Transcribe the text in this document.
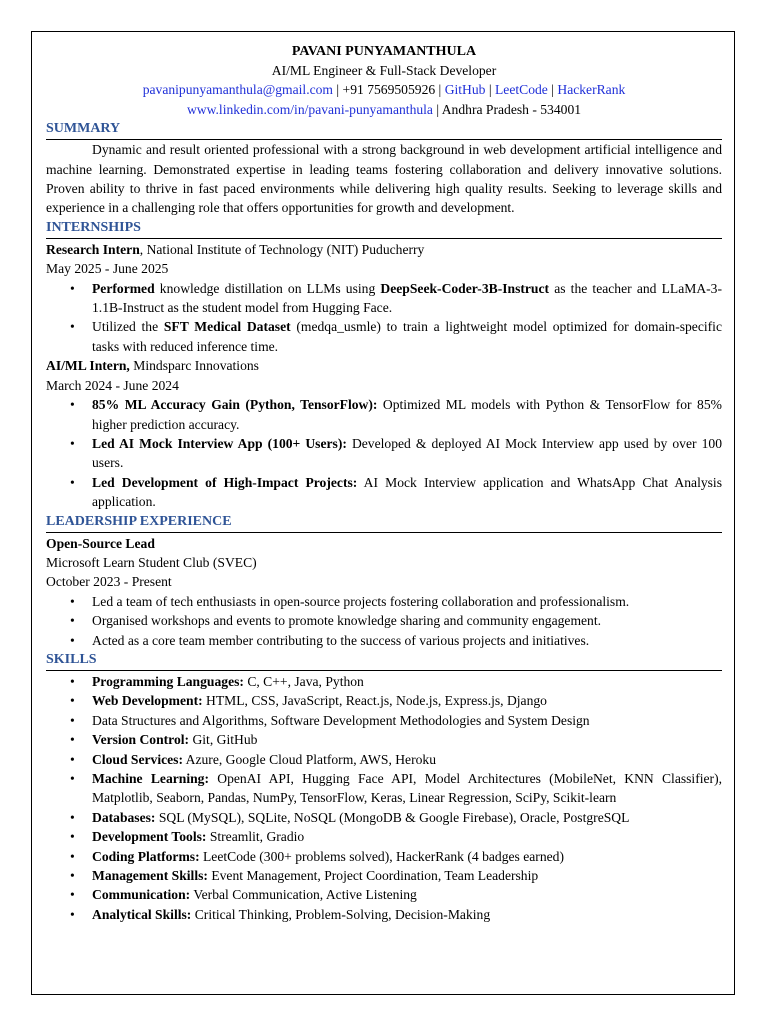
PAVANI PUNYAMANTHULA
AI/ML Engineer & Full-Stack Developer
pavanipunyamanthula@gmail.com | +91 7569505926 | GitHub | LeetCode | HackerRank
www.linkedin.com/in/pavani-punyamanthula | Andhra Pradesh - 534001
SUMMARY
Dynamic and result oriented professional with a strong background in web development artificial intelligence and machine learning. Demonstrated expertise in leading teams fostering collaboration and delivery innovative solutions. Proven ability to thrive in fast paced environments while delivering high quality results. Seeking to leverage skills and experience in a challenging role that offers opportunities for growth and development.
INTERNSHIPS
Research Intern, National Institute of Technology (NIT) Puducherry
May 2025 - June 2025
• Performed knowledge distillation on LLMs using DeepSeek-Coder-3B-Instruct as the teacher and LLaMA-3-1.1B-Instruct as the student model from Hugging Face.
• Utilized the SFT Medical Dataset (medqa_usmle) to train a lightweight model optimized for domain-specific tasks with reduced inference time.
AI/ML Intern, Mindsparc Innovations
March 2024 - June 2024
• 85% ML Accuracy Gain (Python, TensorFlow): Optimized ML models with Python & TensorFlow for 85% higher prediction accuracy.
• Led AI Mock Interview App (100+ Users): Developed & deployed AI Mock Interview app used by over 100 users.
• Led Development of High-Impact Projects: AI Mock Interview application and WhatsApp Chat Analysis application.
LEADERSHIP EXPERIENCE
Open-Source Lead
Microsoft Learn Student Club (SVEC)
October 2023 - Present
• Led a team of tech enthusiasts in open-source projects fostering collaboration and professionalism.
• Organised workshops and events to promote knowledge sharing and community engagement.
• Acted as a core team member contributing to the success of various projects and initiatives.
SKILLS
• Programming Languages: C, C++, Java, Python
• Web Development: HTML, CSS, JavaScript, React.js, Node.js, Express.js, Django
• Data Structures and Algorithms, Software Development Methodologies and System Design
• Version Control: Git, GitHub
• Cloud Services: Azure, Google Cloud Platform, AWS, Heroku
• Machine Learning: OpenAI API, Hugging Face API, Model Architectures (MobileNet, KNN Classifier), Matplotlib, Seaborn, Pandas, NumPy, TensorFlow, Keras, Linear Regression, SciPy, Scikit-learn
• Databases: SQL (MySQL), SQLite, NoSQL (MongoDB & Google Firebase), Oracle, PostgreSQL
• Development Tools: Streamlit, Gradio
• Coding Platforms: LeetCode (300+ problems solved), HackerRank (4 badges earned)
• Management Skills: Event Management, Project Coordination, Team Leadership
• Communication: Verbal Communication, Active Listening
• Analytical Skills: Critical Thinking, Problem-Solving, Decision-Making
